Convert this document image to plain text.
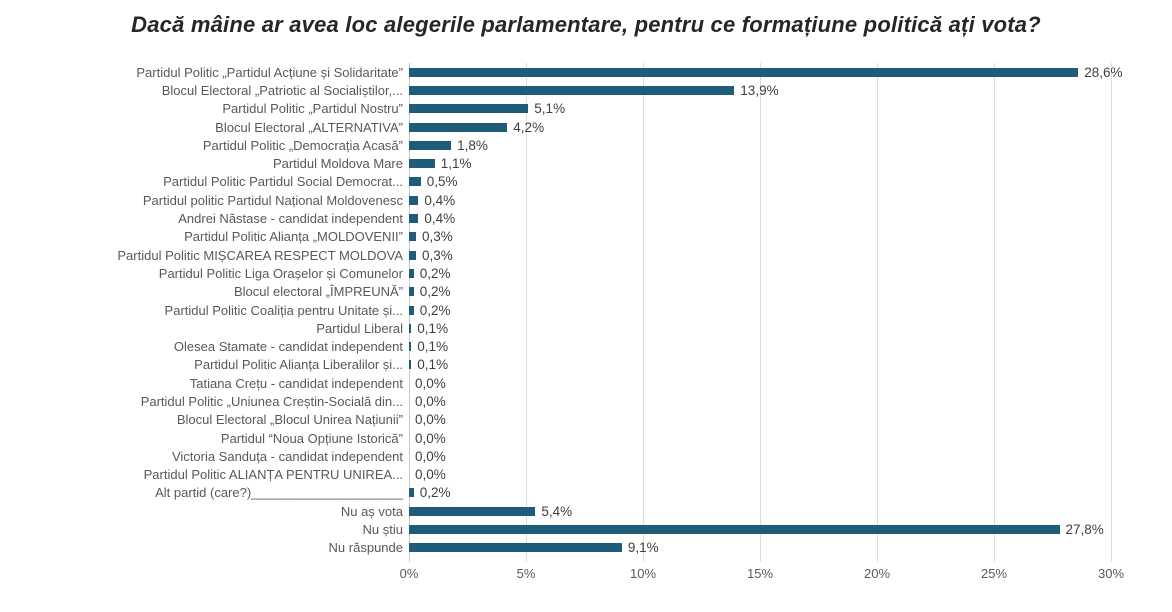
Dacă mâine ar avea loc alegerile parlamentare, pentru ce formațiune politică ați vota?
Partidul Politic „Partidul Acțiune și Solidaritate”	28,6%
Blocul Electoral „Patriotic al Socialiștilor,...	13,9%
Partidul Politic „Partidul Nostru”	5,1%
Blocul Electoral „ALTERNATIVA”	4,2%
Partidul Politic „Democrația Acasă”	1,8%
Partidul Moldova Mare	1,1%
Partidul Politic Partidul Social Democrat...	0,5%
Partidul politic Partidul Național Moldovenesc	0,4%
Andrei Năstase - candidat independent	0,4%
Partidul Politic Alianța „MOLDOVENII”	0,3%
Partidul Politic MIȘCAREA RESPECT MOLDOVA	0,3%
Partidul Politic Liga Orașelor și Comunelor	0,2%
Blocul electoral „ÎMPREUNĂ”	0,2%
Partidul Politic Coaliția pentru Unitate și...	0,2%
Partidul Liberal	0,1%
Olesea Stamate - candidat independent	0,1%
Partidul Politic Alianța Liberalilor și...	0,1%
Tatiana Crețu - candidat independent 0,0%
Partidul Politic „Uniunea Creștin-Socială din... 0,0%
Blocul Electoral „Blocul Unirea Națiunii” 0,0%
Partidul “Noua Opțiune Istorică” 0,0%
Victoria Sanduța - candidat independent 0,0%
Partidul Politic ALIANȚA PENTRU UNIREA... 0,0%
Alt partid (care?)_____________________	0,2%
Nu aș vota	5,4%
Nu știu	27,8%
Nu răspunde	9,1%
0%	5%	10%	15%	20%	25%	30%
